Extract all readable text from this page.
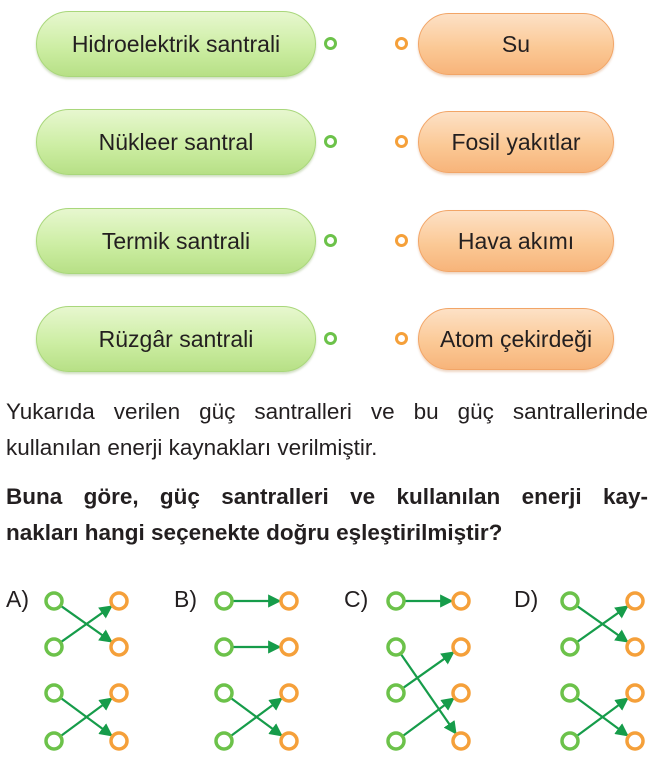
Hidroelektrik santrali
Nükleer santral
Termik santrali
Rüzgâr santrali
Su
Fosil yakıtlar
Hava akımı
Atom çekirdeği
Yukarıda verilen güç santralleri ve bu güç santrallerinde
kullanılan enerji kaynakları verilmiştir.
Buna göre, güç santralleri ve kullanılan enerji kay-
nakları hangi seçenekte doğru eşleştirilmiştir?
A)	B)	C)	D)
